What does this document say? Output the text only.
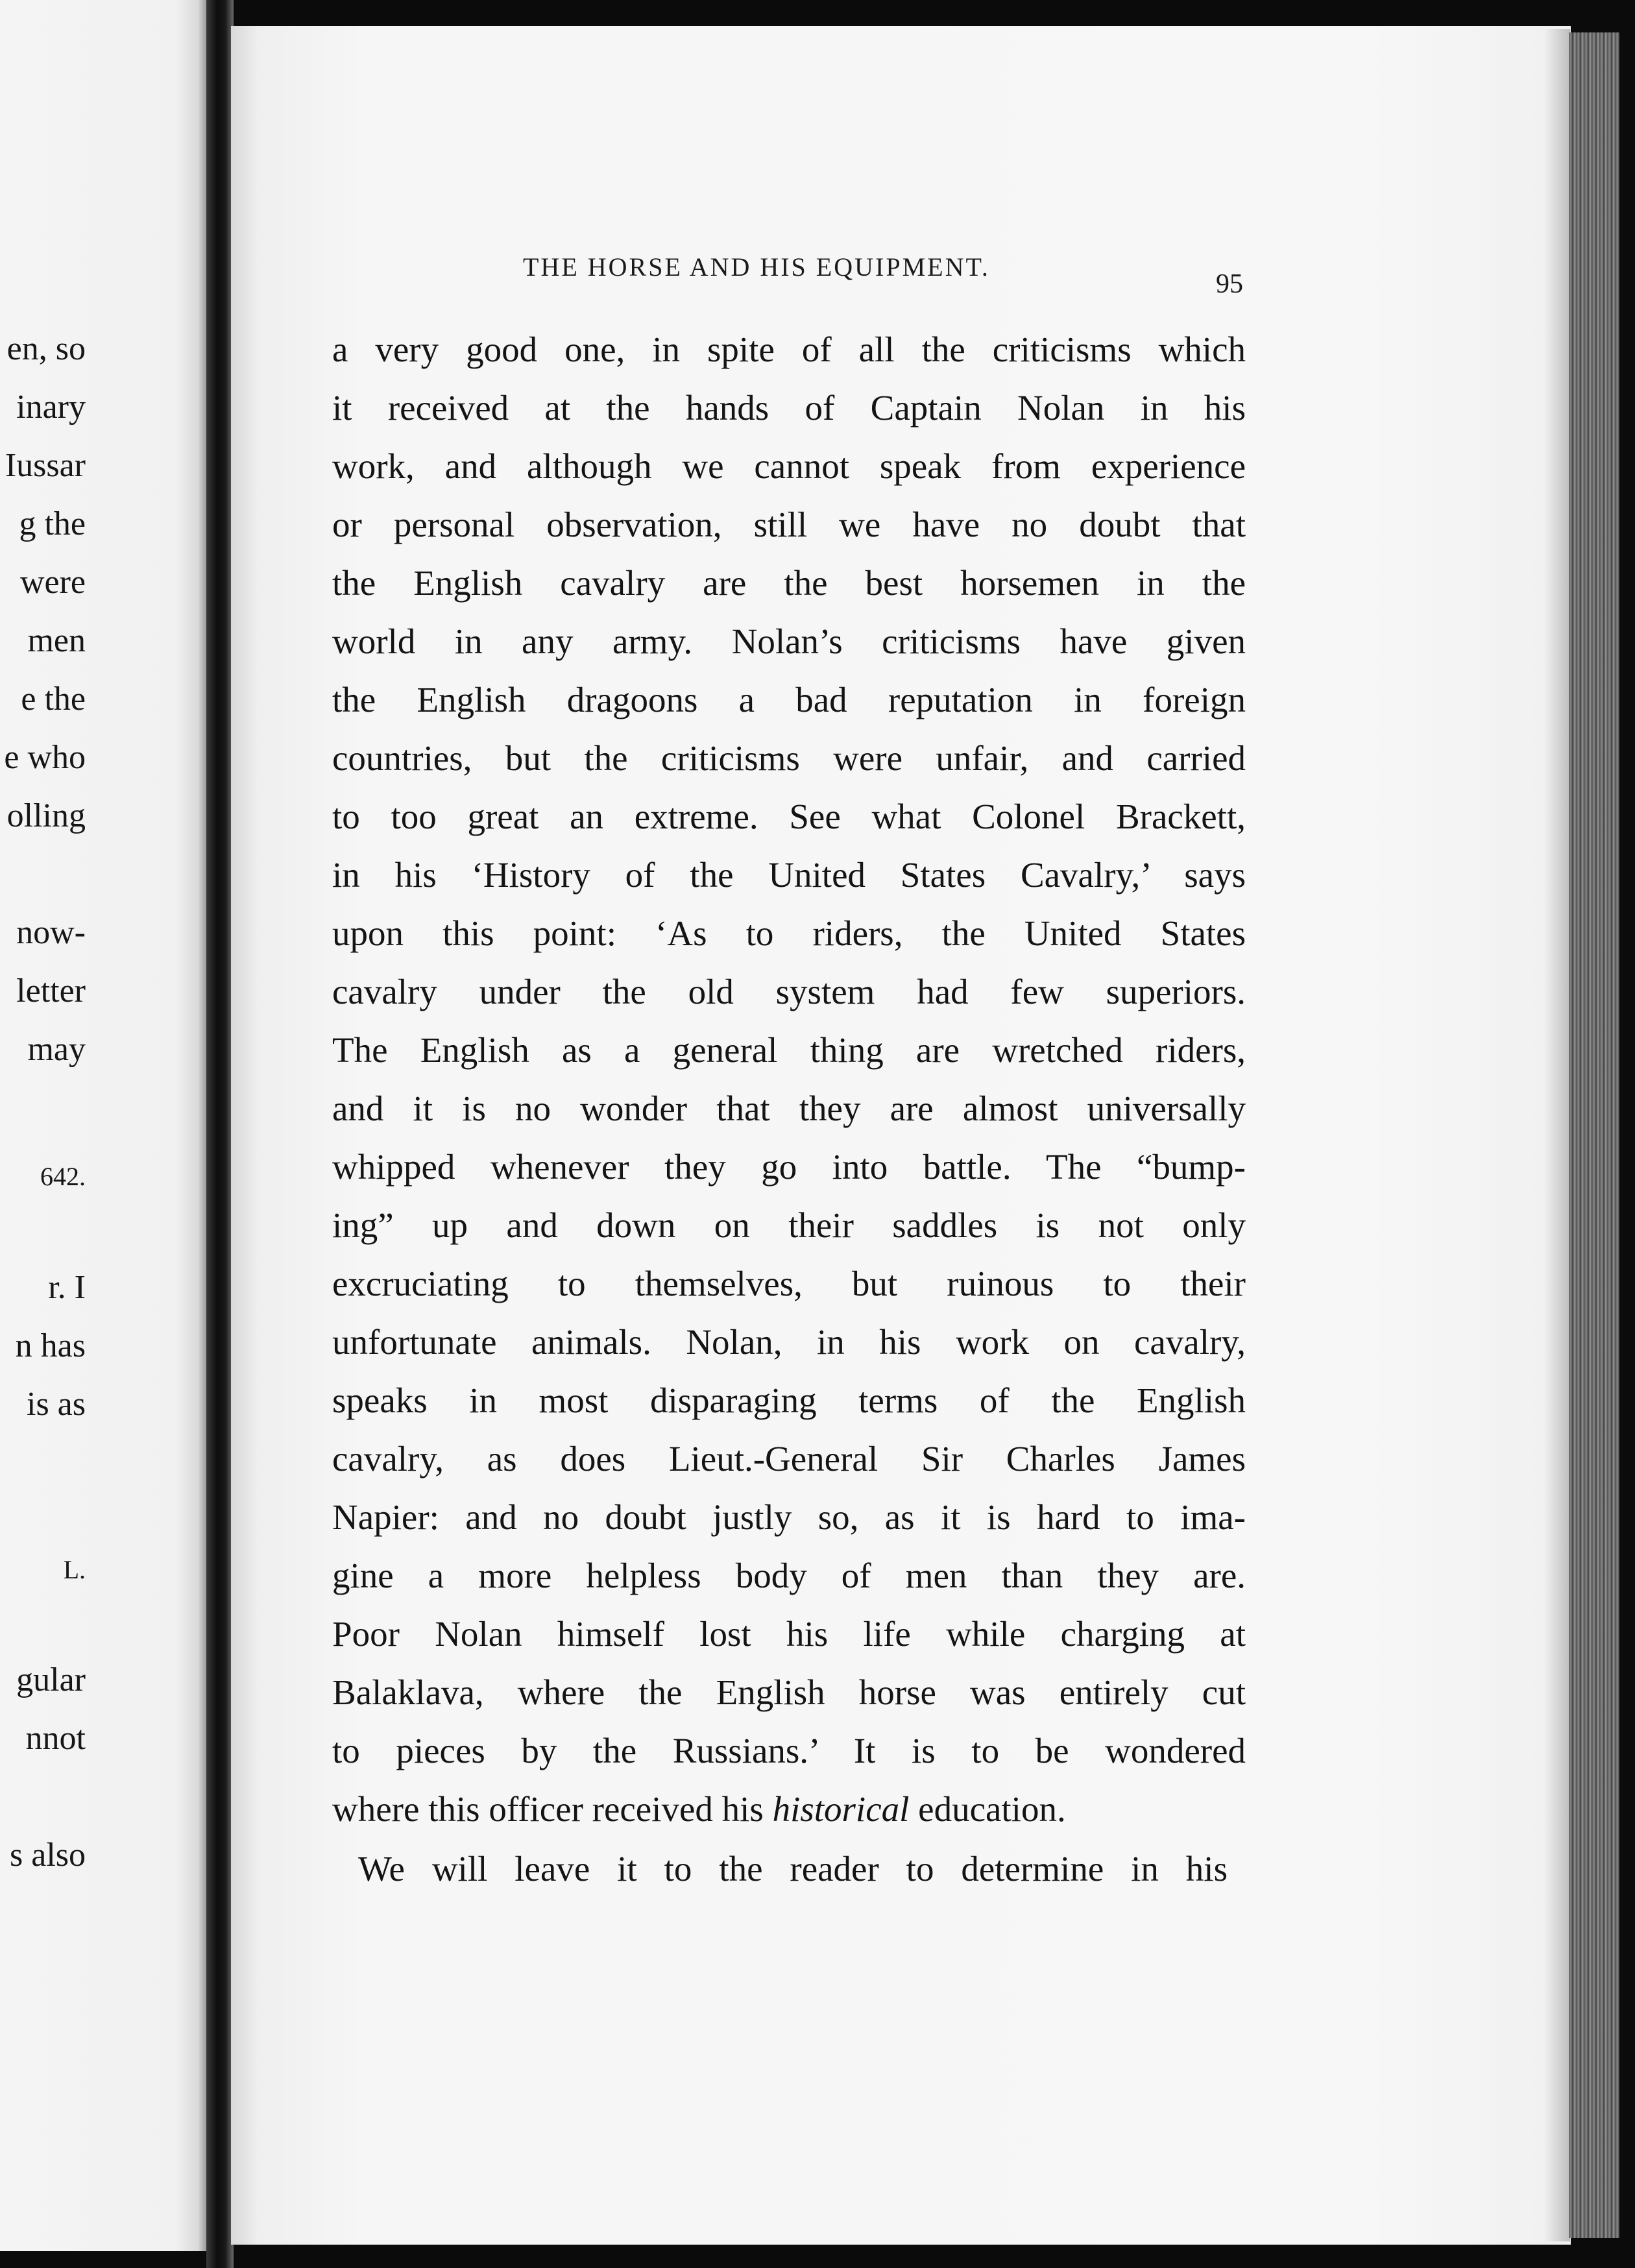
en, so
inary
Iussar
g the
were
men
e the
e who
olling
now-
letter
may
642.
r. I
n has
is as
L.
gular
nnot
s also
THE HORSE AND HIS EQUIPMENT.
95
a very good one, in spite of all the criticisms which
it received at the hands of Captain Nolan in his
work, and although we cannot speak from experience
or personal observation, still we have no doubt that
the English cavalry are the best horsemen in the
world in any army. Nolan’s criticisms have given
the English dragoons a bad reputation in foreign
countries, but the criticisms were unfair, and carried
to too great an extreme. See what Colonel Brackett,
in his ‘History of the United States Cavalry,’ says
upon this point: ‘As to riders, the United States
cavalry under the old system had few superiors.
The English as a general thing are wretched riders,
and it is no wonder that they are almost universally
whipped whenever they go into battle. The “bump-
ing” up and down on their saddles is not only
excruciating to themselves, but ruinous to their
unfortunate animals. Nolan, in his work on cavalry,
speaks in most disparaging terms of the English
cavalry, as does Lieut.-General Sir Charles James
Napier: and no doubt justly so, as it is hard to ima-
gine a more helpless body of men than they are.
Poor Nolan himself lost his life while charging at
Balaklava, where the English horse was entirely cut
to pieces by the Russians.’ It is to be wondered
where this officer received his historical education.
We will leave it to the reader to determine in his
